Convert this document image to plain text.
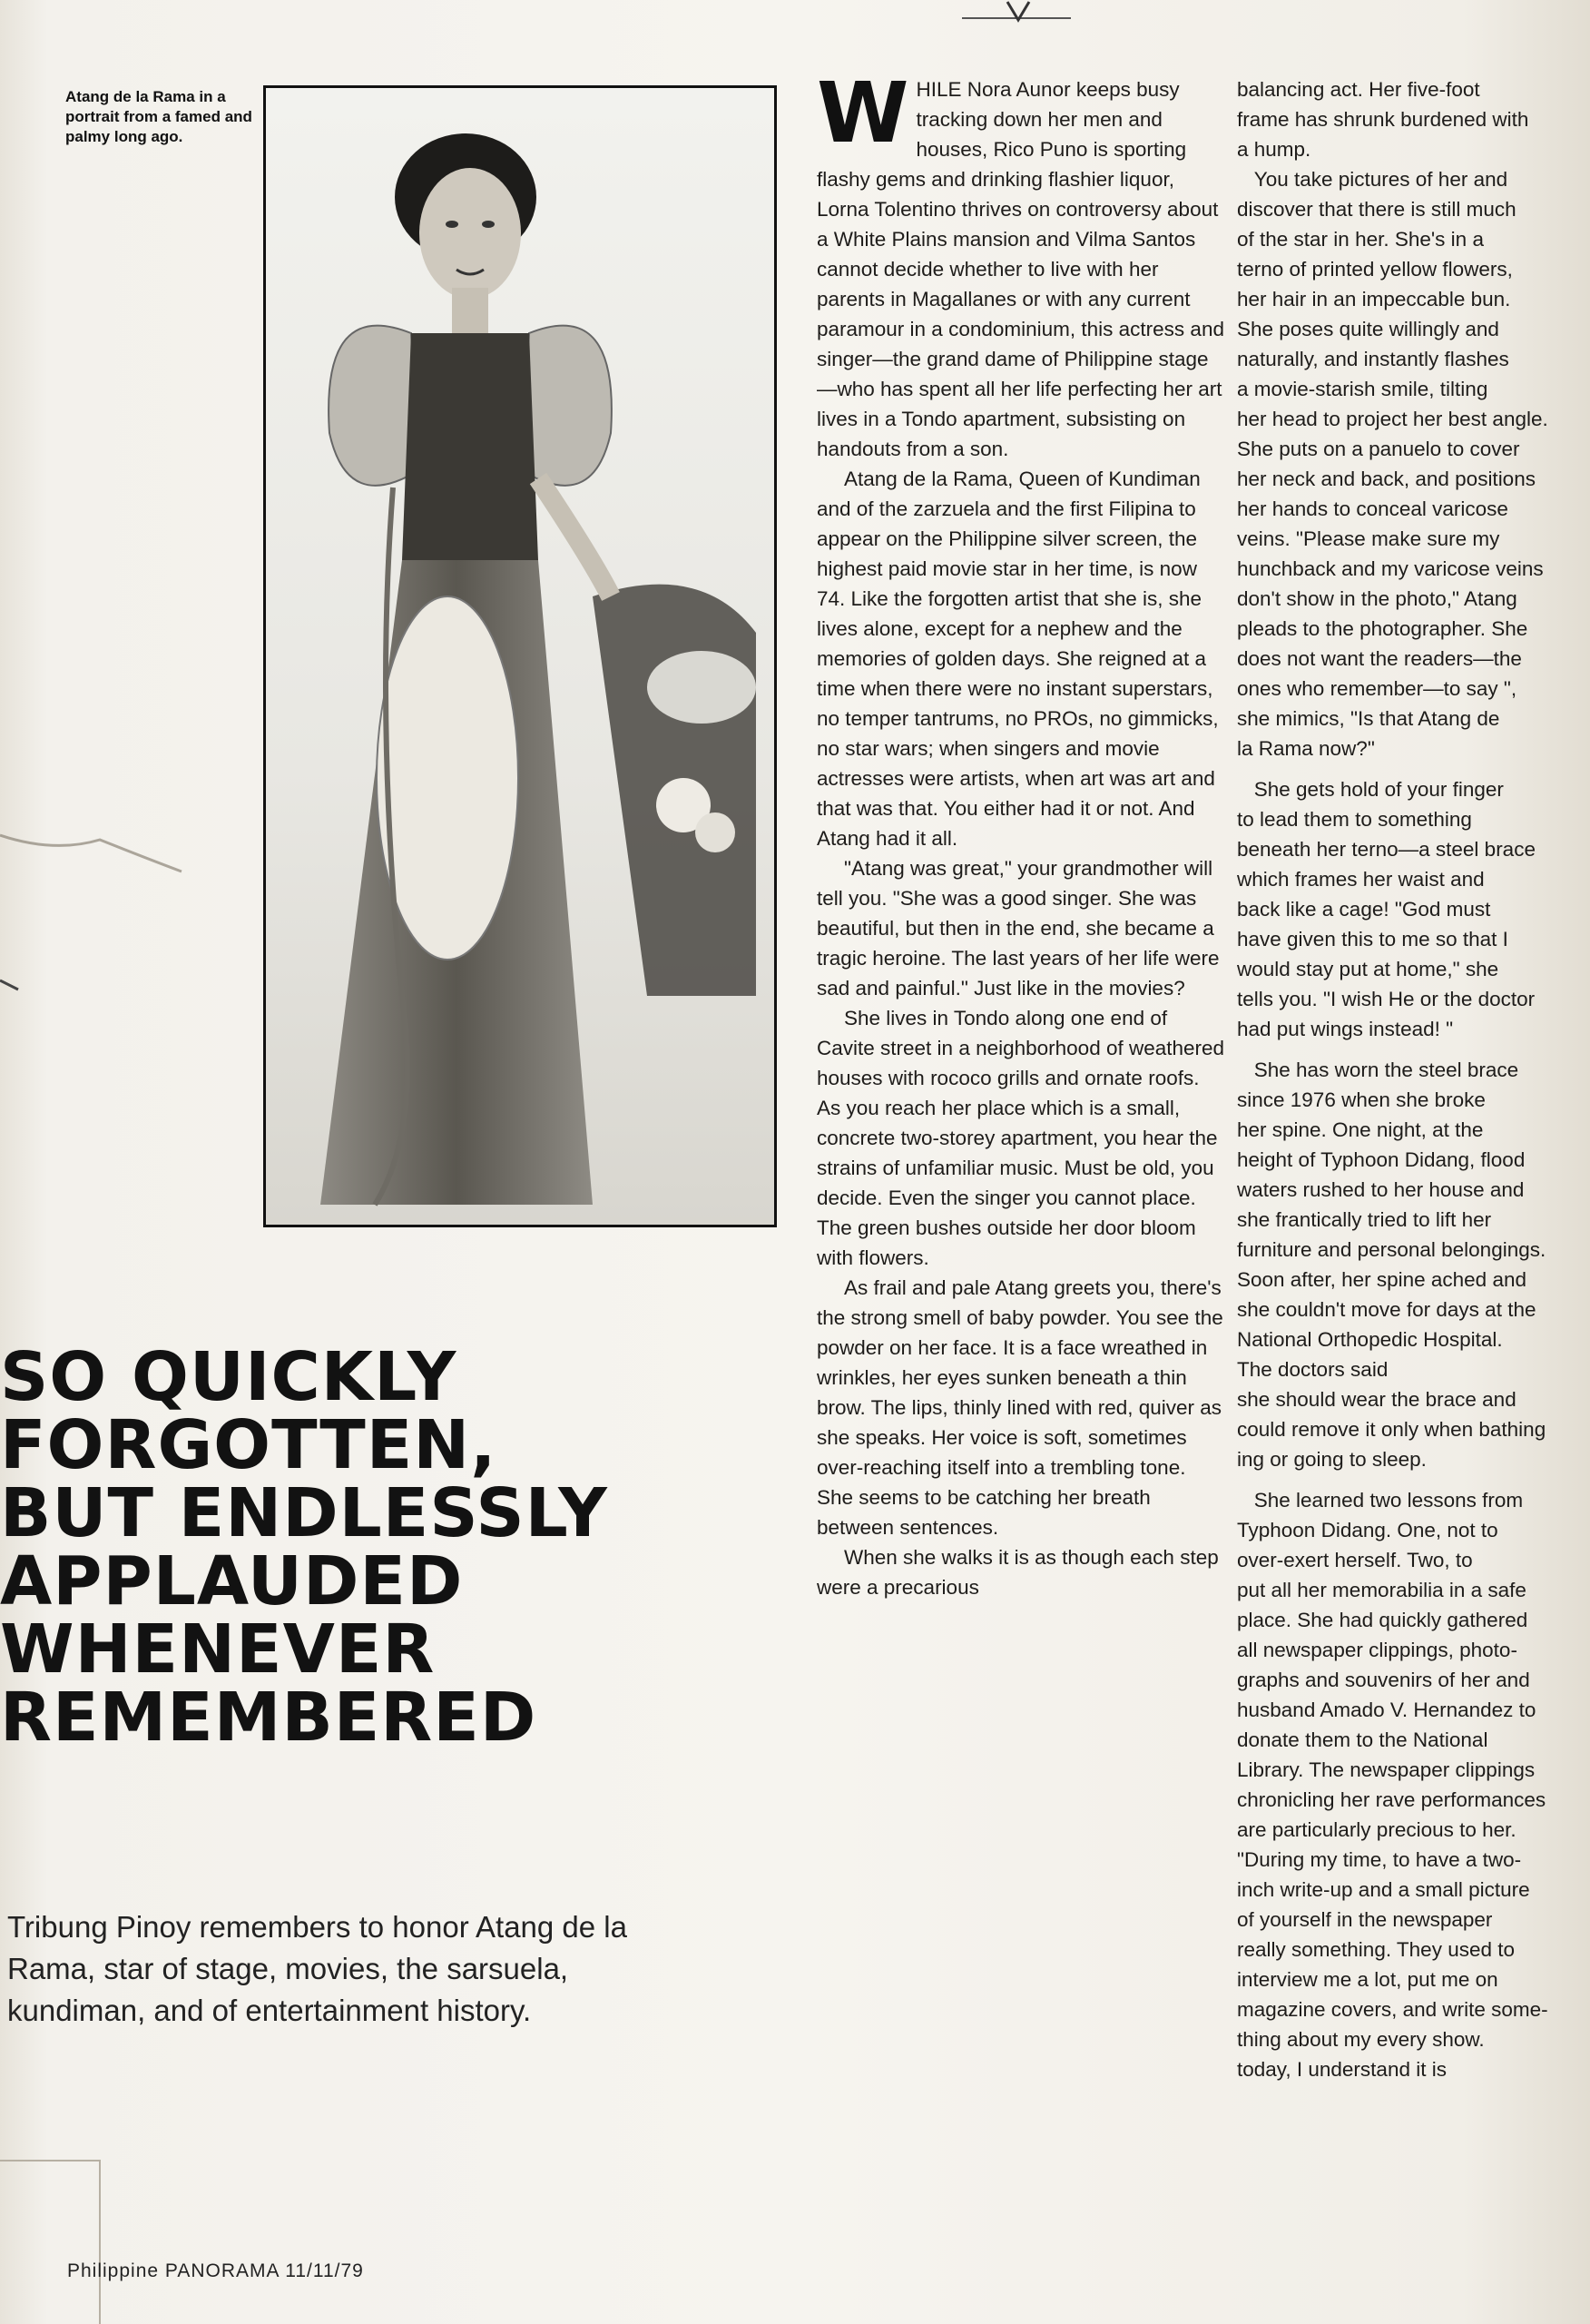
Atang de la Rama in a portrait from a famed and palmy long ago.
SO QUICKLY
FORGOTTEN,
BUT ENDLESSLY
APPLAUDED
WHENEVER
REMEMBERED
Tribung Pinoy remembers to honor Atang de la Rama, star of stage, movies, the sarsuela, kundiman, and of entertainment history.
Philippine PANORAMA 11/11/79

WHILE Nora Aunor keeps busy tracking down her men and houses, Rico Puno is sporting flashy gems and drinking flashier liquor, Lorna Tolentino thrives on controversy about a White Plains mansion and Vilma Santos cannot decide whether to live with her parents in Magallanes or with any current paramour in a condominium, this actress and singer—the grand dame of Philippine stage—who has spent all her life perfecting her art lives in a Tondo apartment, subsisting on handouts from a son.

Atang de la Rama, Queen of Kundiman and of the zarzuela and the first Filipina to appear on the Philippine silver screen, the highest paid movie star in her time, is now 74. Like the forgotten artist that she is, she lives alone, except for a nephew and the memories of golden days. She reigned at a time when there were no instant superstars, no temper tantrums, no PROs, no gimmicks, no star wars; when singers and movie actresses were artists, when art was art and that was that. You either had it or not. And Atang had it all.

"Atang was great," your grandmother will tell you. "She was a good singer. She was beautiful, but then in the end, she became a tragic heroine. The last years of her life were sad and painful." Just like in the movies?

She lives in Tondo along one end of Cavite street in a neighborhood of weathered houses with rococo grills and ornate roofs. As you reach her place which is a small, concrete two-storey apartment, you hear the strains of unfamiliar music. Must be old, you decide. Even the singer you cannot place. The green bushes outside her door bloom with flowers.

As frail and pale Atang greets you, there's the strong smell of baby powder. You see the powder on her face. It is a face wreathed in wrinkles, her eyes sunken beneath a thin brow. The lips, thinly lined with red, quiver as she speaks. Her voice is soft, sometimes over-reaching itself into a trembling tone. She seems to be catching her breath between sentences.

When she walks it is as though each step were a precarious

balancing act. Her five-foot
frame has shrunk burdened with
a hump.

You take pictures of her and
discover that there is still much
of the star in her. She's in a
terno of printed yellow flowers,
her hair in an impeccable bun.
She poses quite willingly and
naturally, and instantly flashes
a movie-starish smile, tilting
her head to project her best angle.
She puts on a panuelo to cover
her neck and back, and positions
her hands to conceal varicose
veins. "Please make sure my
hunchback and my varicose veins
don't show in the photo," Atang
pleads to the photographer. She
does not want the readers—the
ones who remember—to say ",
she mimics, "Is that Atang de
la Rama now?"

She gets hold of your finger
to lead them to something
beneath her terno—a steel brace
which frames her waist and
back like a cage! "God must
have given this to me so that I
would stay put at home," she
tells you. "I wish He or the doctor
had put wings instead! "

She has worn the steel brace
since 1976 when she broke
her spine. One night, at the
height of Typhoon Didang, flood
waters rushed to her house and
she frantically tried to lift her
furniture and personal belongings.
Soon after, her spine ached and
she couldn't move for days at the
National Orthopedic Hospital.
The doctors said
she should wear the brace and
could remove it only when bathing
ing or going to sleep.

She learned two lessons from
Typhoon Didang. One, not to
over-exert herself. Two, to
put all her memorabilia in a safe
place. She had quickly gathered
all newspaper clippings, photo-
graphs and souvenirs of her and
husband Amado V. Hernandez to
donate them to the National
Library. The newspaper clippings
chronicling her rave performances
are particularly precious to her.
"During my time, to have a two-
inch write-up and a small picture
of yourself in the newspaper
really something. They used to
interview me a lot, put me on
magazine covers, and write some-
thing about my every show.
today, I understand it is
